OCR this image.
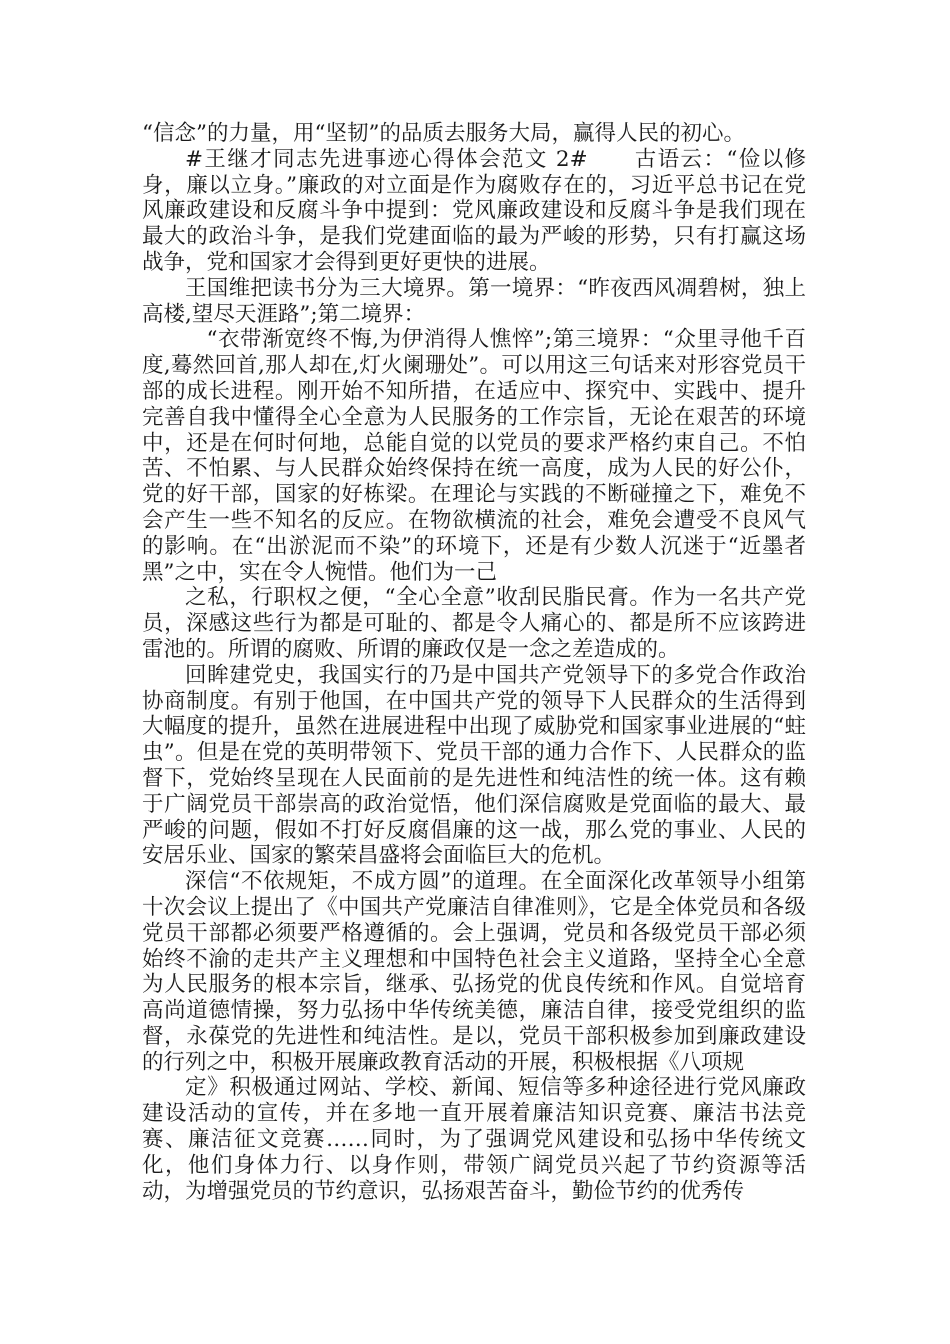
“信念”的力量，用“坚韧”的品质去服务大局，赢得人民的初心。

#王继才同志先进事迹心得体会范文 2#　　古语云：“俭以修身，廉以立身。”廉政的对立面是作为腐败存在的，习近平总书记在党风廉政建设和反腐斗争中提到：党风廉政建设和反腐斗争是我们现在最大的政治斗争，是我们党建面临的最为严峻的形势，只有打赢这场战争，党和国家才会得到更好更快的进展。

王国维把读书分为三大境界。第一境界：“昨夜西风凋碧树，独上高楼,望尽天涯路”;第二境界：

“衣带渐宽终不悔,为伊消得人憔悴”;第三境界：“众里寻他千百度,蓦然回首,那人却在,灯火阑珊处”。可以用这三句话来对形容党员干部的成长进程。刚开始不知所措，在适应中、探究中、实践中、提升完善自我中懂得全心全意为人民服务的工作宗旨，无论在艰苦的环境中，还是在何时何地，总能自觉的以党员的要求严格约束自己。不怕苦、不怕累、与人民群众始终保持在统一高度，成为人民的好公仆，党的好干部，国家的好栋梁。在理论与实践的不断碰撞之下，难免不会产生一些不知名的反应。在物欲横流的社会，难免会遭受不良风气的影响。在“出淤泥而不染”的环境下，还是有少数人沉迷于“近墨者黑”之中，实在令人惋惜。他们为一己

之私，行职权之便，“全心全意”收刮民脂民膏。作为一名共产党员，深感这些行为都是可耻的、都是令人痛心的、都是所不应该跨进雷池的。所谓的腐败、所谓的廉政仅是一念之差造成的。

回眸建党史，我国实行的乃是中国共产党领导下的多党合作政治协商制度。有别于他国，在中国共产党的领导下人民群众的生活得到大幅度的提升，虽然在进展进程中出现了威胁党和国家事业进展的“蛀虫”。但是在党的英明带领下、党员干部的通力合作下、人民群众的监督下，党始终呈现在人民面前的是先进性和纯洁性的统一体。这有赖于广阔党员干部崇高的政治觉悟，他们深信腐败是党面临的最大、最严峻的问题，假如不打好反腐倡廉的这一战，那么党的事业、人民的安居乐业、国家的繁荣昌盛将会面临巨大的危机。

深信“不依规矩，不成方圆”的道理。在全面深化改革领导小组第十次会议上提出了《中国共产党廉洁自律准则》，它是全体党员和各级党员干部都必须要严格遵循的。会上强调，党员和各级党员干部必须始终不渝的走共产主义理想和中国特色社会主义道路，坚持全心全意为人民服务的根本宗旨，继承、弘扬党的优良传统和作风。自觉培育高尚道德情操，努力弘扬中华传统美德，廉洁自律，接受党组织的监督，永葆党的先进性和纯洁性。是以，党员干部积极参加到廉政建设的行列之中，积极开展廉政教育活动的开展，积极根据《八项规

定》积极通过网站、学校、新闻、短信等多种途径进行党风廉政建设活动的宣传，并在多地一直开展着廉洁知识竞赛、廉洁书法竞赛、廉洁征文竞赛……同时，为了强调党风建设和弘扬中华传统文化，他们身体力行、以身作则，带领广阔党员兴起了节约资源等活动，为增强党员的节约意识，弘扬艰苦奋斗，勤俭节约的优秀传
